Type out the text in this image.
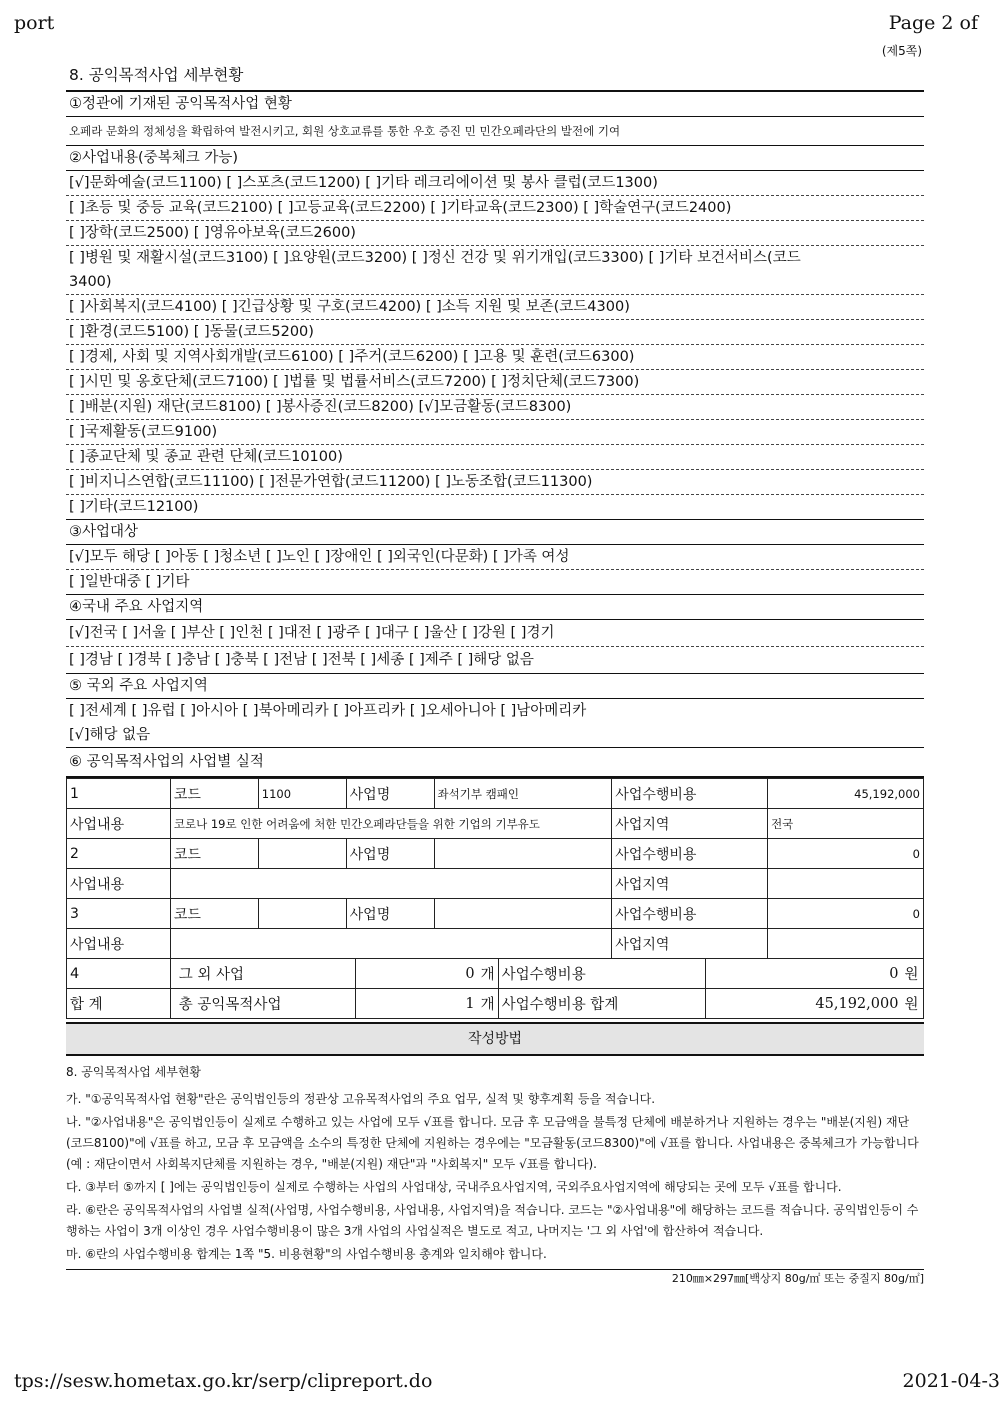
port	Page 2 of
(제5쪽)
8. 공익목적사업 세부현황
①정관에 기재된 공익목적사업 현황
오페라 문화의 정체성을 확립하여 발전시키고, 회원 상호교류를 통한 우호 증진 민 민간오페라단의 발전에 기여
②사업내용(중복체크 가능)
[√]문화예술(코드1100) [ ]스포츠(코드1200) [ ]기타 레크리에이션 및 봉사 클럽(코드1300)
[ ]초등 및 중등 교육(코드2100) [ ]고등교육(코드2200) [ ]기타교육(코드2300) [ ]학술연구(코드2400)
[ ]장학(코드2500) [ ]영유아보육(코드2600)
[ ]병원 및 재활시설(코드3100) [ ]요양원(코드3200) [ ]정신 건강 및 위기개입(코드3300) [ ]기타 보건서비스(코드
3400)
[ ]사회복지(코드4100) [ ]긴급상황 및 구호(코드4200) [ ]소득 지원 및 보존(코드4300)
[ ]환경(코드5100) [ ]동물(코드5200)
[ ]경제, 사회 및 지역사회개발(코드6100) [ ]주거(코드6200) [ ]고용 및 훈련(코드6300)
[ ]시민 및 옹호단체(코드7100) [ ]법률 및 법률서비스(코드7200) [ ]정치단체(코드7300)
[ ]배분(지원) 재단(코드8100) [ ]봉사증진(코드8200) [√]모금활동(코드8300)
[ ]국제활동(코드9100)
[ ]종교단체 및 종교 관련 단체(코드10100)
[ ]비지니스연합(코드11100) [ ]전문가연합(코드11200) [ ]노동조합(코드11300)
[ ]기타(코드12100)
③사업대상
[√]모두 해당 [ ]아동 [ ]청소년 [ ]노인 [ ]장애인 [ ]외국인(다문화) [ ]가족 여성
[ ]일반대중 [ ]기타
④국내 주요 사업지역
[√]전국 [ ]서울 [ ]부산 [ ]인천 [ ]대전 [ ]광주 [ ]대구 [ ]울산 [ ]강원 [ ]경기
[ ]경남 [ ]경북 [ ]충남 [ ]충북 [ ]전남 [ ]전북 [ ]세종 [ ]제주 [ ]해당 없음
⑤ 국외 주요 사업지역
[ ]전세계 [ ]유럽 [ ]아시아 [ ]북아메리카 [ ]아프리카 [ ]오세아니아 [ ]남아메리카
[√]해당 없음
⑥ 공익목적사업의 사업별 실적
1	코드	1100	사업명	좌석기부 캠패인	사업수행비용	45,192,000
사업내용	코로나 19로 인한 어려움에 처한 민간오페라단들을 위한 기업의 기부유도				사업지역	전국
2	코드		사업명		사업수행비용	0
사업내용					사업지역	
3	코드		사업명		사업수행비용	0
사업내용					사업지역	
4	그 외 사업	0	개	사업수행비용	0	원
합 계	총 공익목적사업	1	개	사업수행비용 합계	45,192,000	원
작성방법

8. 공익목적사업 세부현황

가. "①공익목적사업 현황"란은 공익법인등의 정관상 고유목적사업의 주요 업무, 실적 및 향후계획 등을 적습니다.

나. "②사업내용"은 공익법인등이 실제로 수행하고 있는 사업에 모두 √표를 합니다. 모금 후 모금액을 불특정 단체에 배분하거나 지원하는 경우는 "배분(지원) 재단(코드8100)"에 √표를 하고, 모금 후 모금액을 소수의 특정한 단체에 지원하는 경우에는 "모금활동(코드8300)"에 √표를 합니다. 사업내용은 중복체크가 가능합니다(예 : 재단이면서 사회복지단체를 지원하는 경우, "배분(지원) 재단"과 "사회복지" 모두 √표를 합니다).

다. ③부터 ⑤까지 [ ]에는 공익법인등이 실제로 수행하는 사업의 사업대상, 국내주요사업지역, 국외주요사업지역에 해당되는 곳에 모두 √표를 합니다.

라. ⑥란은 공익목적사업의 사업별 실적(사업명, 사업수행비용, 사업내용, 사업지역)을 적습니다. 코드는 "②사업내용"에 해당하는 코드를 적습니다. 공익법인등이 수행하는 사업이 3개 이상인 경우 사업수행비용이 많은 3개 사업의 사업실적은 별도로 적고, 나머지는 '그 외 사업'에 합산하여 적습니다.

마. ⑥란의 사업수행비용 합계는 1쪽 "5. 비용현황"의 사업수행비용 총계와 일치해야 합니다.

210㎜×297㎜[백상지 80g/㎡ 또는 중질지 80g/㎡]
tps://sesw.hometax.go.kr/serp/clipreport.do	2021-04-3
